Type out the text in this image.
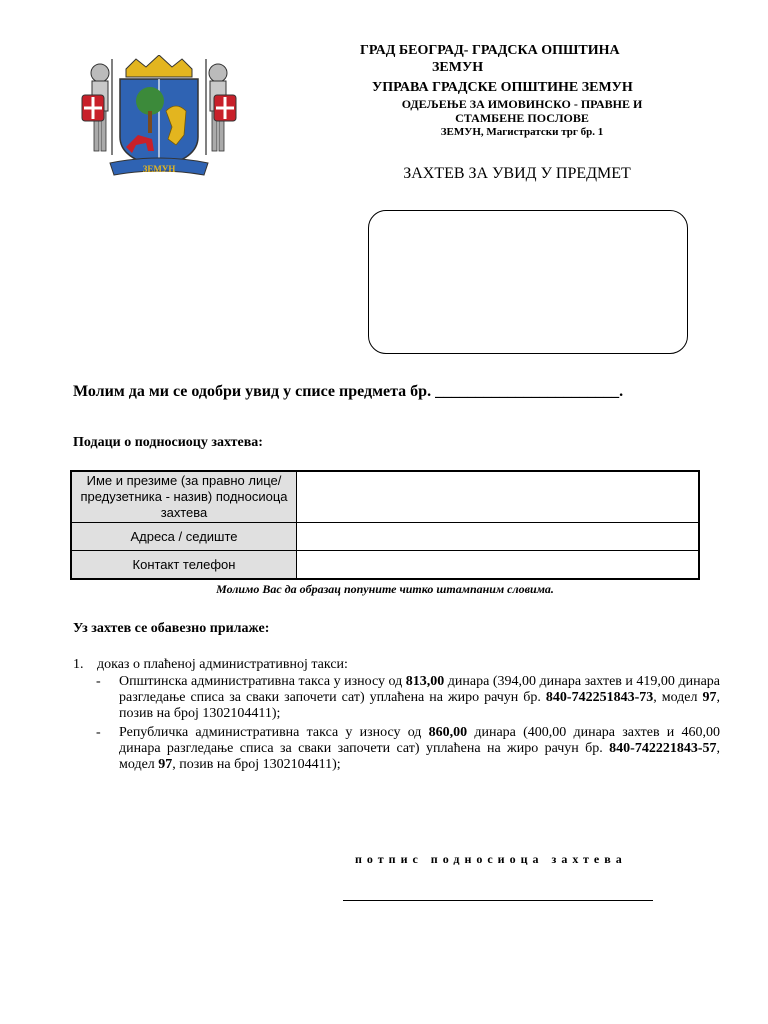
ЗЕМУН
ГРАД БЕОГРАД- ГРАДСКА ОПШТИНА
ЗЕМУН
УПРАВА ГРАДСКЕ ОПШТИНЕ ЗЕМУН
ОДЕЉЕЊЕ ЗА ИМОВИНСКО - ПРАВНЕ И СТАМБЕНЕ ПОСЛОВЕ
ЗЕМУН, Магистратски трг бр. 1
ЗАХТЕВ ЗА УВИД У ПРЕДМЕТ
Молим да ми се одобри увид у списе предмета бр. _______________________.
Подаци о подносиоцу захтева:
Име и презиме (за правно лице/предузетника - назив) подносиоца захтева	
Адреса / седиште	
Контакт телефон	
Молимо Вас да образац попуните читко штампаним словима.
Уз захтев се обавезно прилаже:
1. доказ о плаћеној административној такси:
- Општинска административна такса у износу од 813,00 динара (394,00 динара захтев и 419,00 динара разгледање списа за сваки започети сат) уплаћена на жиро рачун бр. 840-742251843-73, модел 97, позив на број 1302104411);
- Републичка административна такса у износу од 860,00 динара (400,00 динара захтев и 460,00 динара разгледање списа за сваки започети сат) уплаћена на жиро рачун бр. 840-742221843-57, модел 97, позив на број 1302104411);
потпис подносиоца захтева
